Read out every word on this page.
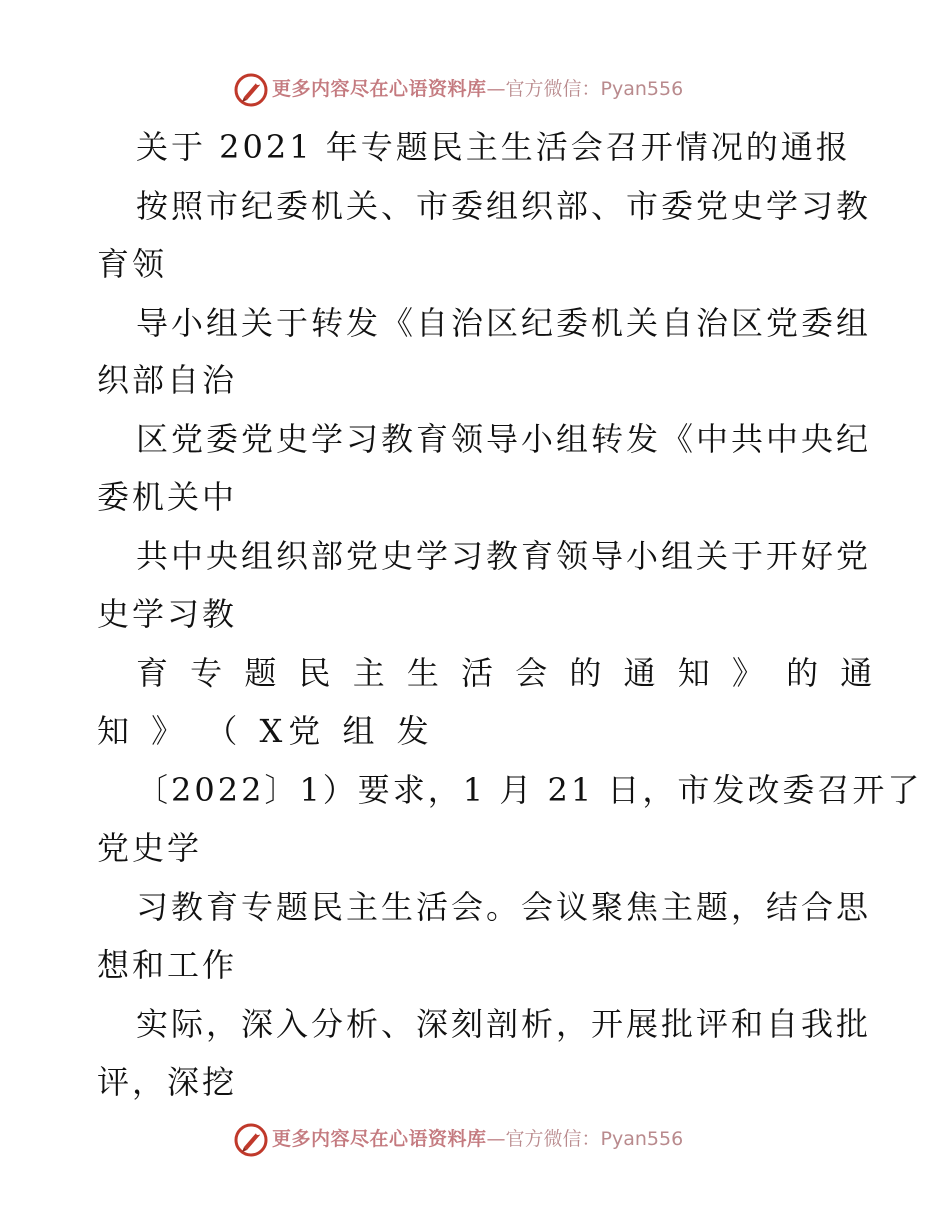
更多内容尽在心语资料库—官方微信：Pyan556
关于 2021 年专题民主生活会召开情况的通报
按照市纪委机关、市委组织部、市委党史学习教
育领
导小组关于转发《自治区纪委机关自治区党委组
织部自治
区党委党史学习教育领导小组转发《中共中央纪
委机关中
共中央组织部党史学习教育领导小组关于开好党
史学习教
育 专 题 民 主 生 活 会 的 通 知 》 的 通
知 》 （ X党 组 发
〔2022〕1）要求，1 月 21 日，市发改委召开了
党史学
习教育专题民主生活会。会议聚焦主题，结合思
想和工作
实际，深入分析、深刻剖析，开展批评和自我批
评，深挖
更多内容尽在心语资料库—官方微信：Pyan556
